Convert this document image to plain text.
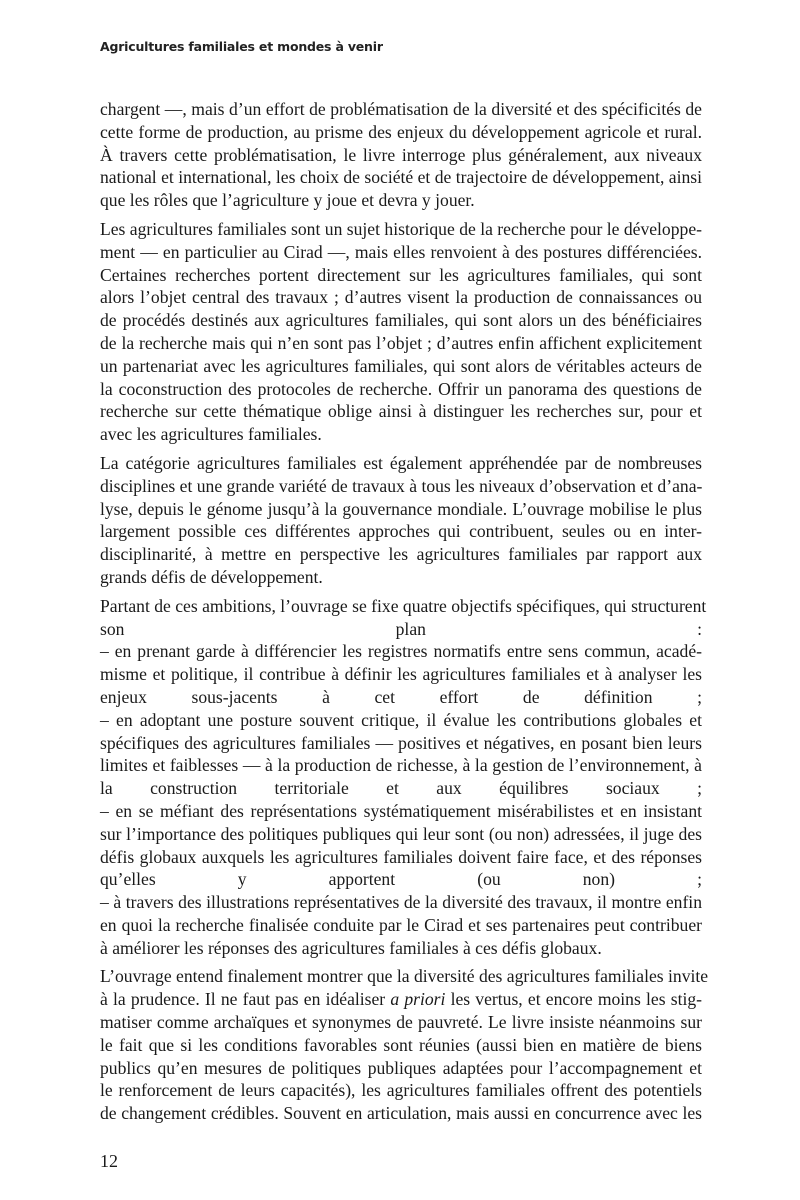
Agricultures familiales et mondes à venir
chargent —, mais d’un effort de problématisation de la diversité et des spécificités de
cette forme de production, au prisme des enjeux du développement agricole et rural.
À travers cette problématisation, le livre interroge plus généralement, aux niveaux
national et international, les choix de société et de trajectoire de développement, ainsi
que les rôles que l’agriculture y joue et devra y jouer.
Les agricultures familiales sont un sujet historique de la recherche pour le développe-
ment — en particulier au Cirad —, mais elles renvoient à des postures différenciées.
Certaines recherches portent directement sur les agricultures familiales, qui sont
alors l’objet central des travaux ; d’autres visent la production de connaissances ou
de procédés destinés aux agricultures familiales, qui sont alors un des bénéficiaires
de la recherche mais qui n’en sont pas l’objet ; d’autres enfin affichent explicitement
un partenariat avec les agricultures familiales, qui sont alors de véritables acteurs de
la coconstruction des protocoles de recherche. Offrir un panorama des questions de
recherche sur cette thématique oblige ainsi à distinguer les recherches sur, pour et
avec les agricultures familiales.
La catégorie agricultures familiales est également appréhendée par de nombreuses
disciplines et une grande variété de travaux à tous les niveaux d’observation et d’ana-
lyse, depuis le génome jusqu’à la gouvernance mondiale. L’ouvrage mobilise le plus
largement possible ces différentes approches qui contribuent, seules ou en inter-
disciplinarité, à mettre en perspective les agricultures familiales par rapport aux
grands défis de développement.
Partant de ces ambitions, l’ouvrage se fixe quatre objectifs spécifiques, qui structurent
son plan :
– en prenant garde à différencier les registres normatifs entre sens commun, acadé-
misme et politique, il contribue à définir les agricultures familiales et à analyser les
enjeux sous-jacents à cet effort de définition ;
– en adoptant une posture souvent critique, il évalue les contributions globales et
spécifiques des agricultures familiales — positives et négatives, en posant bien leurs
limites et faiblesses — à la production de richesse, à la gestion de l’environnement, à
la construction territoriale et aux équilibres sociaux ;
– en se méfiant des représentations systématiquement misérabilistes et en insistant
sur l’importance des politiques publiques qui leur sont (ou non) adressées, il juge des
défis globaux auxquels les agricultures familiales doivent faire face, et des réponses
qu’elles y apportent (ou non) ;
– à travers des illustrations représentatives de la diversité des travaux, il montre enfin
en quoi la recherche finalisée conduite par le Cirad et ses partenaires peut contribuer
à améliorer les réponses des agricultures familiales à ces défis globaux.
L’ouvrage entend finalement montrer que la diversité des agricultures familiales invite
à la prudence. Il ne faut pas en idéaliser a priori les vertus, et encore moins les stig-
matiser comme archaïques et synonymes de pauvreté. Le livre insiste néanmoins sur
le fait que si les conditions favorables sont réunies (aussi bien en matière de biens
publics qu’en mesures de politiques publiques adaptées pour l’accompagnement et
le renforcement de leurs capacités), les agricultures familiales offrent des potentiels
de changement crédibles. Souvent en articulation, mais aussi en concurrence avec les
12
